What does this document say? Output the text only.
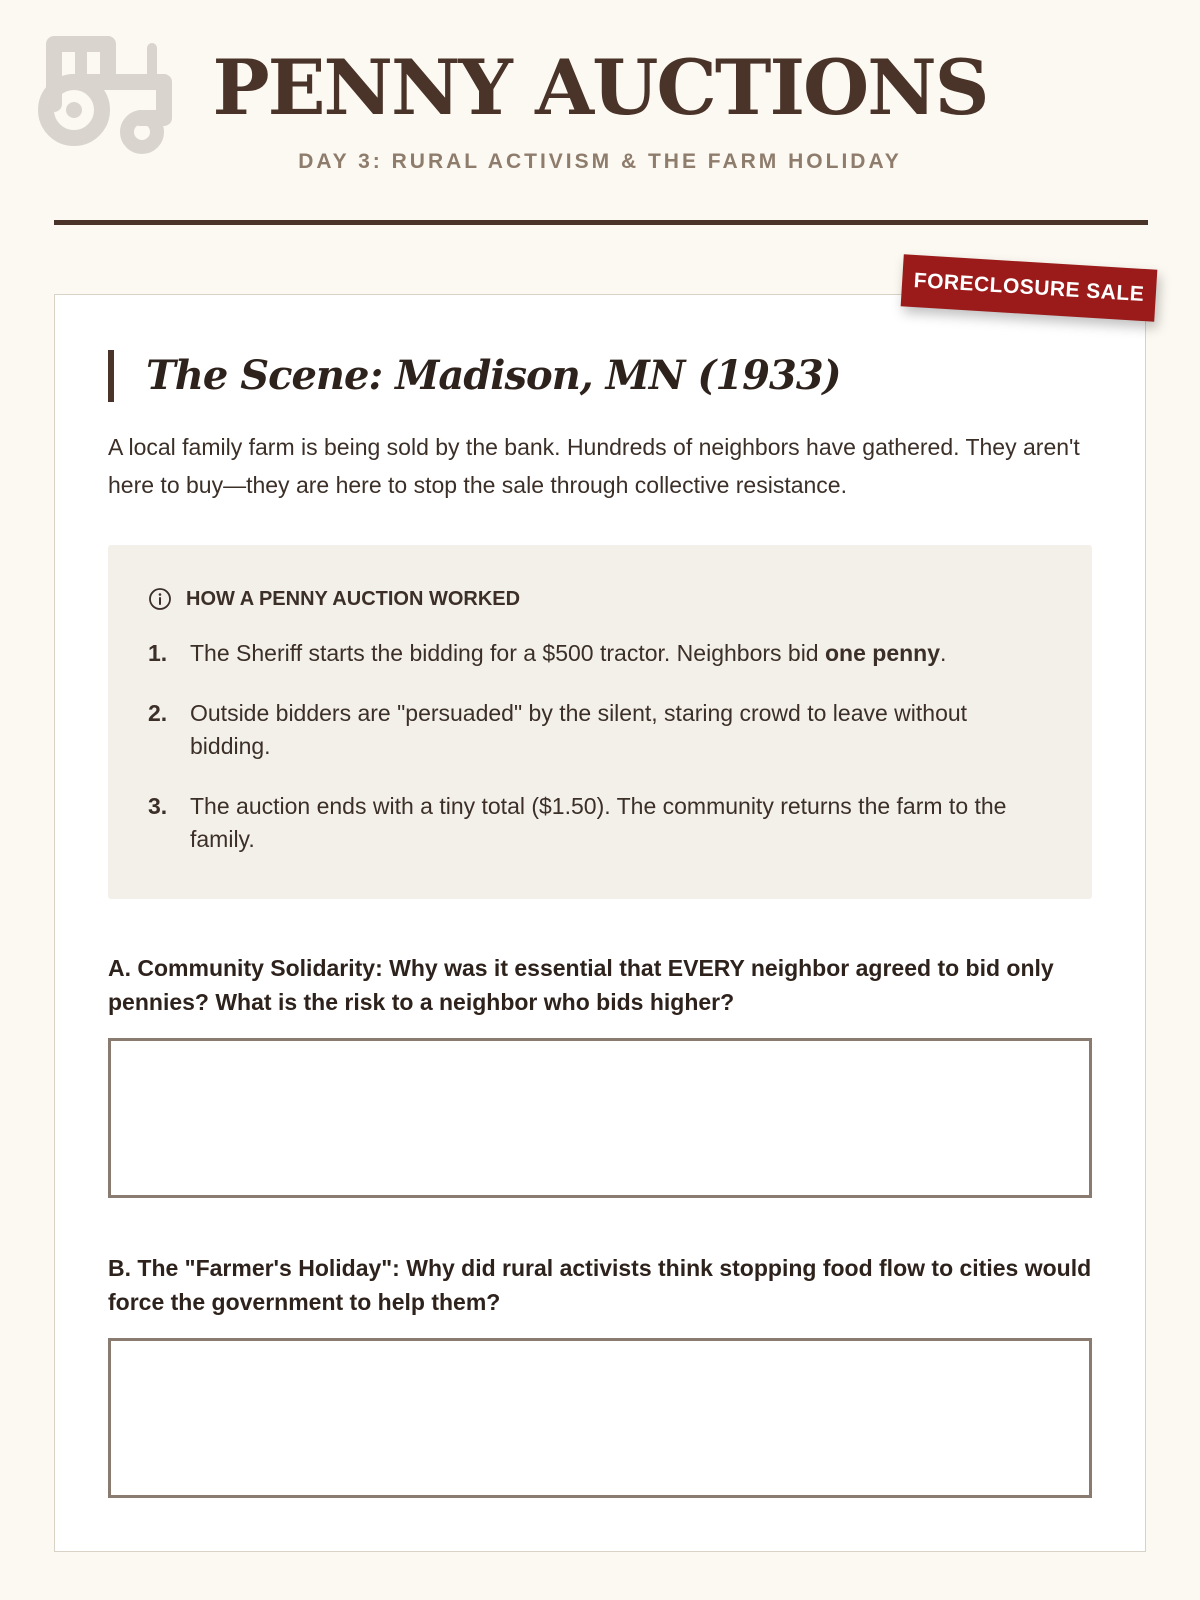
PENNY AUCTIONS
DAY 3: RURAL ACTIVISM & THE FARM HOLIDAY
FORECLOSURE SALE
The Scene: Madison, MN (1933)

A local family farm is being sold by the bank. Hundreds of neighbors have gathered. They aren't here to buy—they are here to stop the sale through collective resistance.

HOW A PENNY AUCTION WORKED
1. The Sheriff starts the bidding for a $500 tractor. Neighbors bid one penny.
2. Outside bidders are "persuaded" by the silent, staring crowd to leave without bidding.
3. The auction ends with a tiny total ($1.50). The community returns the farm to the family.

A. Community Solidarity: Why was it essential that EVERY neighbor agreed to bid only pennies? What is the risk to a neighbor who bids higher?

B. The "Farmer's Holiday": Why did rural activists think stopping food flow to cities would force the government to help them?
